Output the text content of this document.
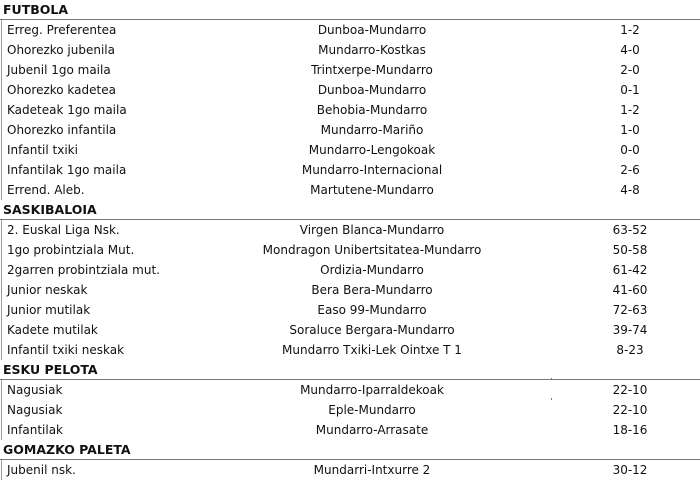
FUTBOLA
Erreg. Preferentea	Dunboa-Mundarro	1-2
Ohorezko jubenila	Mundarro-Kostkas	4-0
Jubenil 1go maila	Trintxerpe-Mundarro	2-0
Ohorezko kadetea	Dunboa-Mundarro	0-1
Kadeteak 1go maila	Behobia-Mundarro	1-2
Ohorezko infantila	Mundarro-Mariño	1-0
Infantil txiki	Mundarro-Lengokoak	0-0
Infantilak 1go maila	Mundarro-Internacional	2-6
Errend. Aleb.	Martutene-Mundarro	4-8
SASKIBALOIA
2. Euskal Liga Nsk.	Virgen Blanca-Mundarro	63-52
1go probintziala Mut.	Mondragon Unibertsitatea-Mundarro	50-58
2garren probintziala mut.	Ordizia-Mundarro	61-42
Junior neskak	Bera Bera-Mundarro	41-60
Junior mutilak	Easo 99-Mundarro	72-63
Kadete mutilak	Soraluce Bergara-Mundarro	39-74
Infantil txiki neskak	Mundarro Txiki-Lek Ointxe T 1	8-23
ESKU PELOTA
Nagusiak	Mundarro-Iparraldekoak	22-10
Nagusiak	Eple-Mundarro	22-10
Infantilak	Mundarro-Arrasate	18-16
GOMAZKO PALETA
Jubenil nsk.	Mundarri-Intxurre 2	30-12
